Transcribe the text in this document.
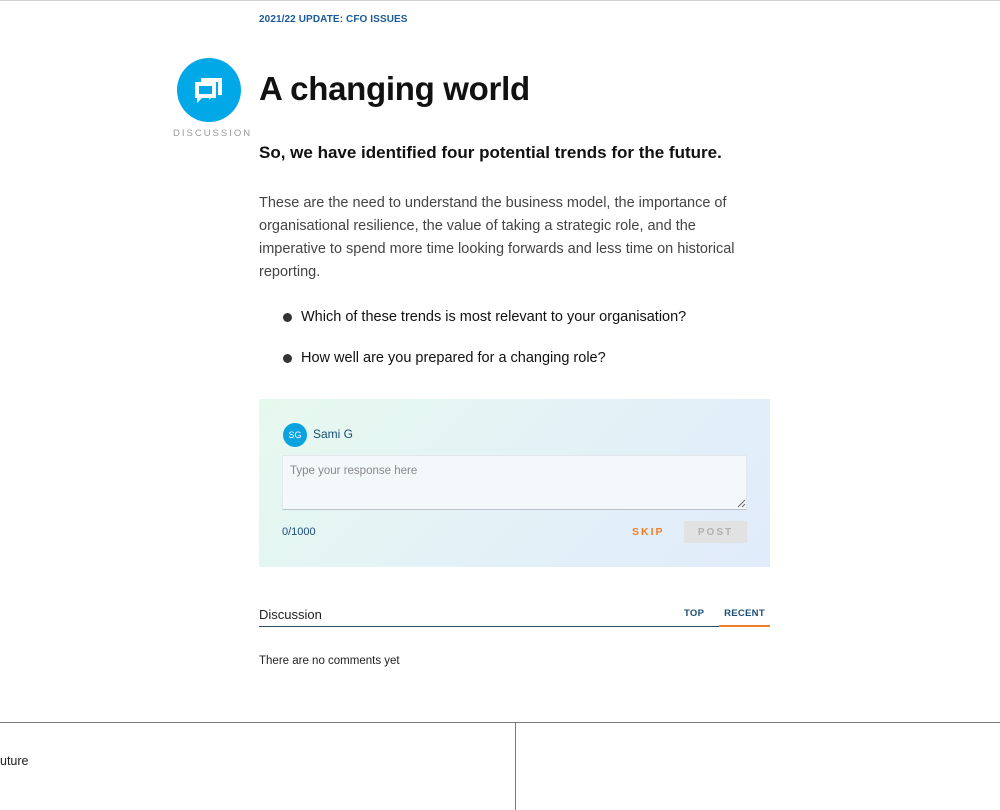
2021/22 UPDATE: CFO ISSUES
DISCUSSION
A changing world

So, we have identified four potential trends for the future.

These are the need to understand the business model, the importance of organisational resilience, the value of taking a strategic role, and the imperative to spend more time looking forwards and less time on historical reporting.

Which of these trends is most relevant to your organisation?
How well are you prepared for a changing role?
SG Sami G
Type your response here
0/1000	SKIP	POST
Discussion	TOP	RECENT
There are no comments yet
uture
